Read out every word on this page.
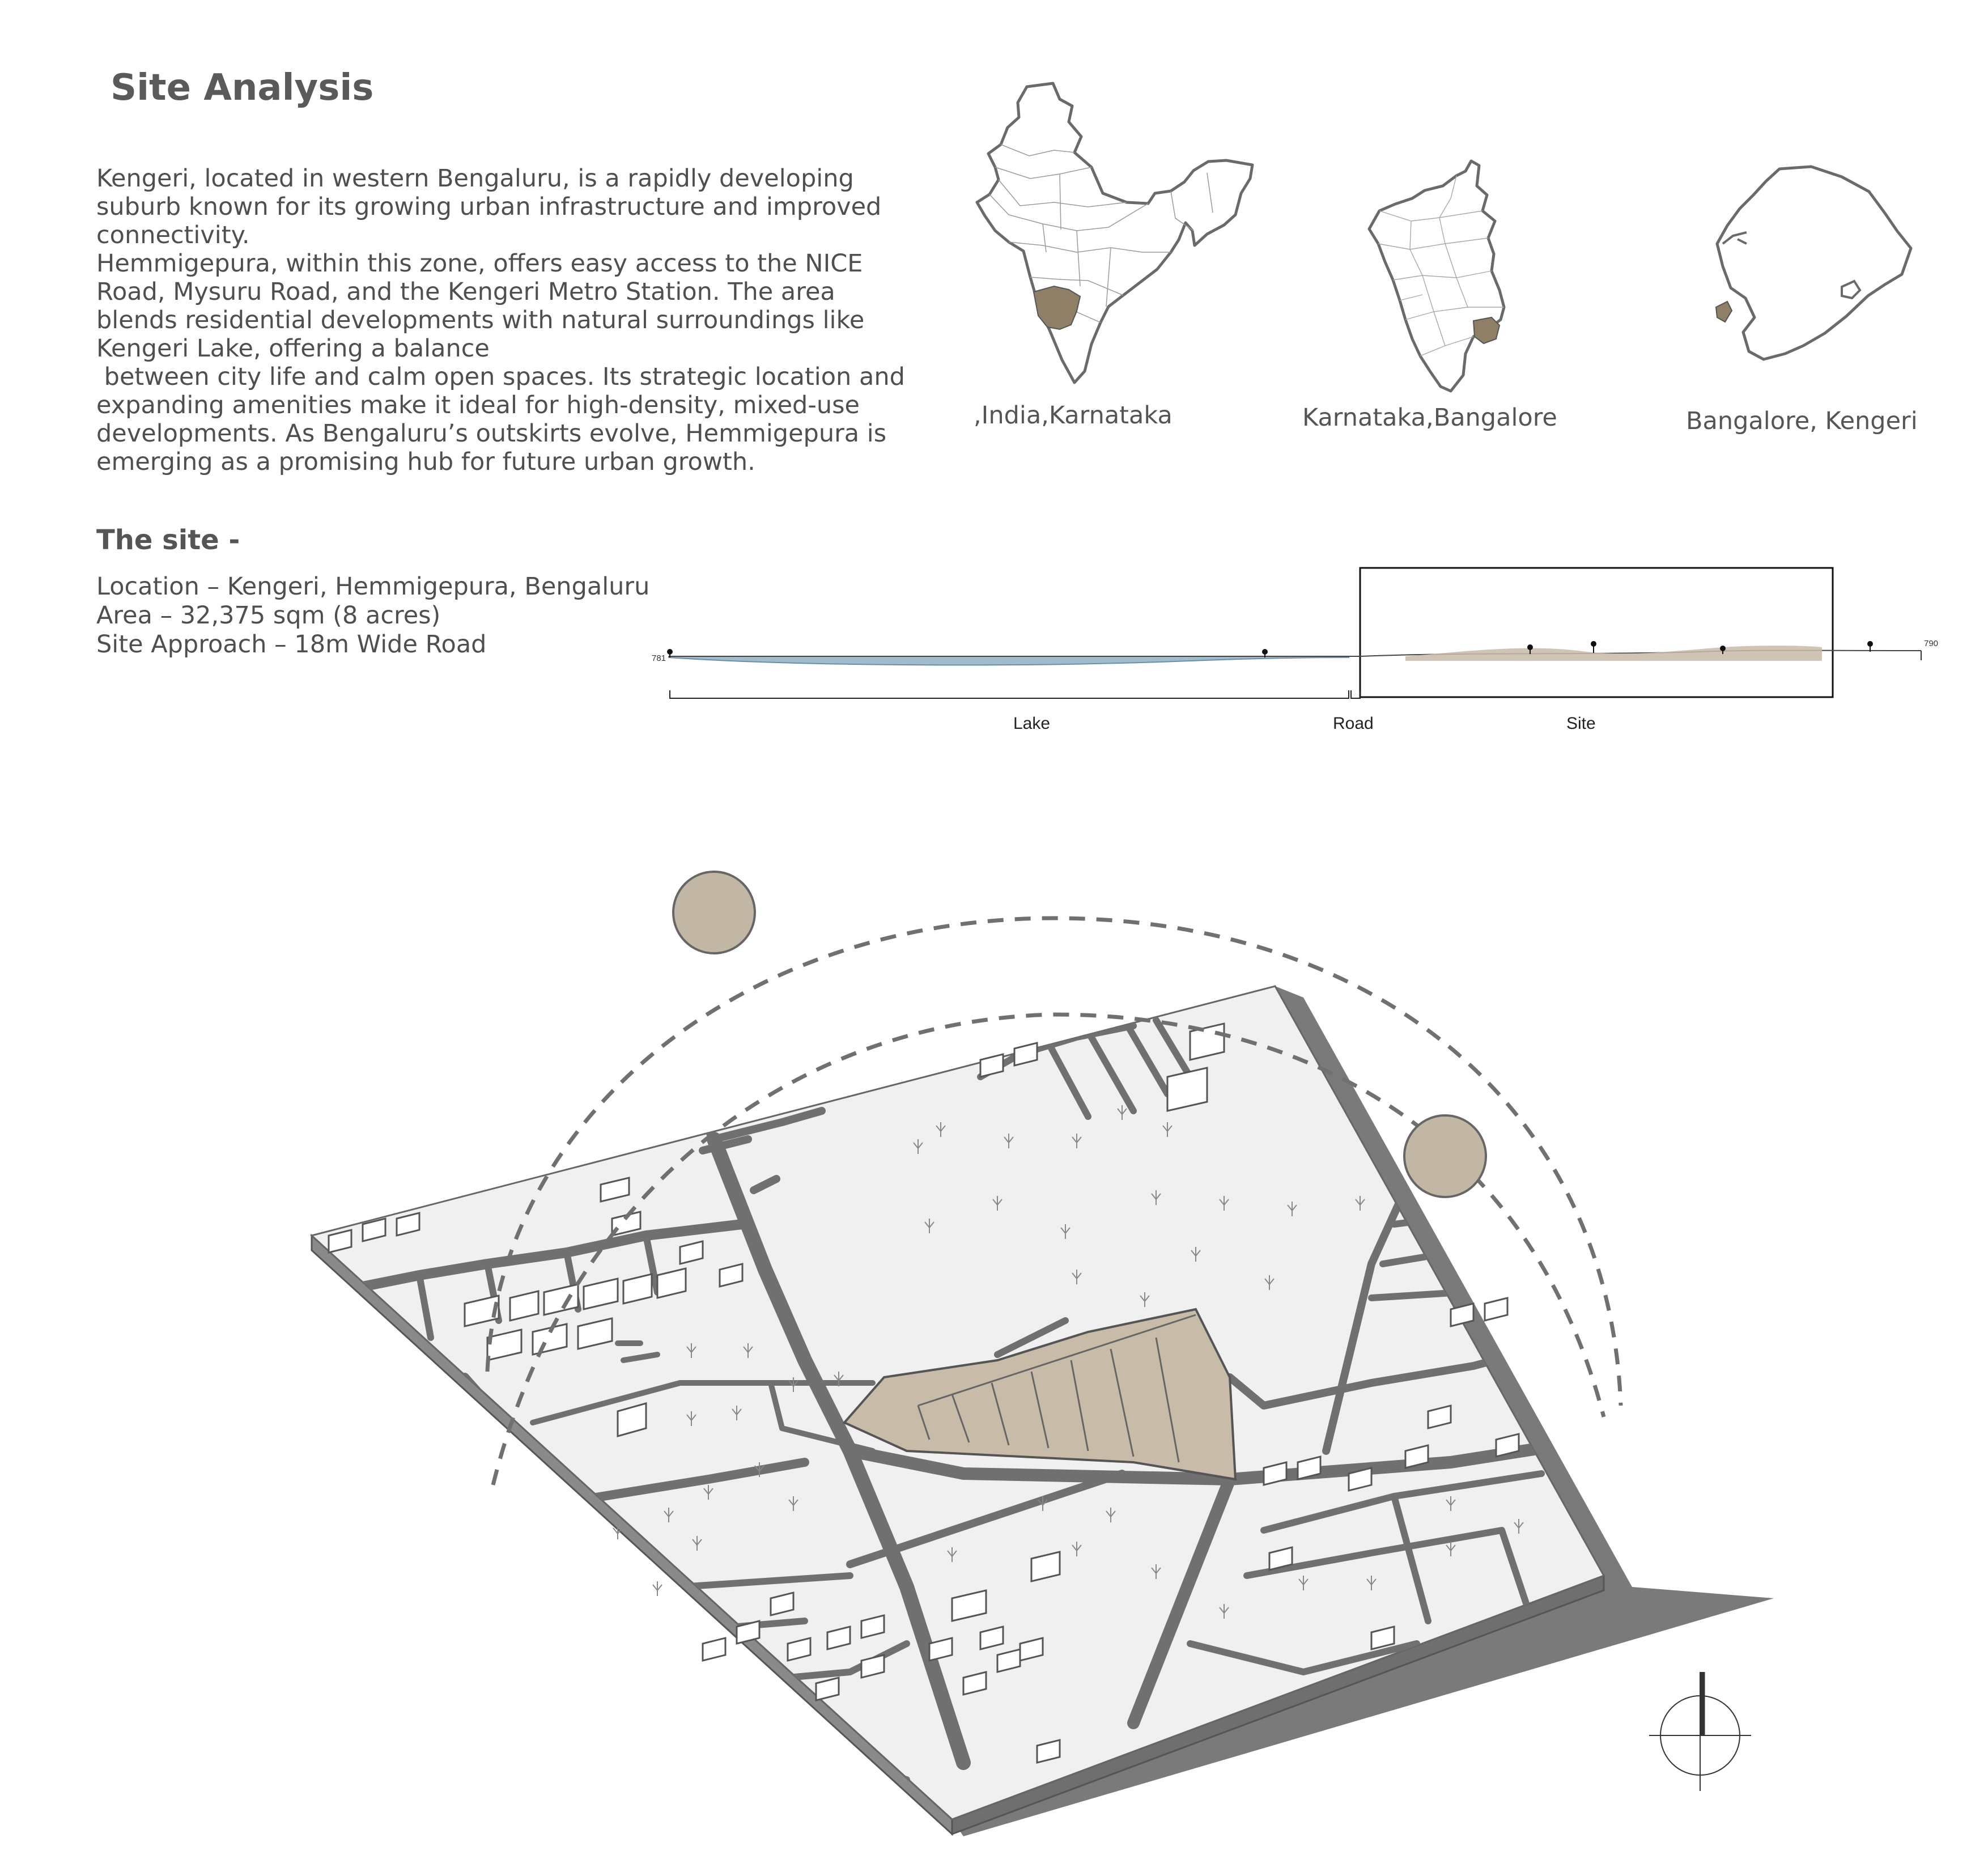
Site Analysis

Kengeri, located in western Bengaluru, is a rapidly developing suburb known for its growing urban infrastructure and improved connectivity.

Hemmigepura, within this zone, offers easy access to the NICE Road, Mysuru Road, and the Kengeri Metro Station. The area blends residential developments with natural surroundings like Kengeri Lake, offering a balance

between city life and calm open spaces. Its strategic location and expanding amenities make it ideal for high-density, mixed-use developments. As Bengaluru’s outskirts evolve, Hemmigepura is emerging as a promising hub for future urban growth.

,India,Karnataka	Karnataka,Bangalore	Bangalore, Kengeri
The site -
Location – Kengeri, Hemmigepura, Bengaluru
Area – 32,375 sqm (8 acres)
Site Approach – 18m Wide Road	781
790
Lake	Road	Site
